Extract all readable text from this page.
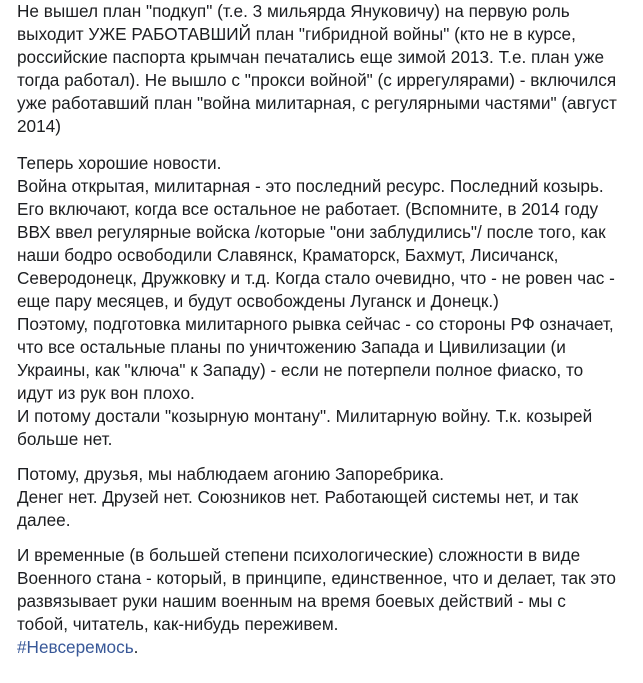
Не вышел план "подкуп" (т.е. 3 мильярда Януковичу) на первую роль
выходит УЖЕ РАБОТАВШИЙ план "гибридной войны" (кто не в курсе,
российские паспорта крымчан печатались еще зимой 2013. Т.е. план уже
тогда работал). Не вышло с "прокси войной" (с иррегулярами) - включился
уже работавший план "война милитарная, с регулярными частями" (август
2014)

Теперь хорошие новости.
Война открытая, милитарная - это последний ресурс. Последний козырь.
Его включают, когда все остальное не работает. (Вспомните, в 2014 году
ВВХ ввел регулярные войска /которые "они заблудились"/ после того, как
наши бодро освободили Славянск, Краматорск, Бахмут, Лисичанск,
Северодонецк, Дружковку и т.д. Когда стало очевидно, что - не ровен час -
еще пару месяцев, и будут освобождены Луганск и Донецк.)
Поэтому, подготовка милитарного рывка сейчас - со стороны РФ означает,
что все остальные планы по уничтожению Запада и Цивилизации (и
Украины, как "ключа" к Западу) - если не потерпели полное фиаско, то
идут из рук вон плохо.
И потому достали "козырную монтану". Милитарную войну. Т.к. козырей
больше нет.

Потому, друзья, мы наблюдаем агонию Запоребрика.
Денег нет. Друзей нет. Союзников нет. Работающей системы нет, и так
далее.

И временные (в большей степени психологические) сложности в виде
Военного стана - который, в принципе, единственное, что и делает, так это
развязывает руки нашим военным на время боевых действий - мы с
тобой, читатель, как-нибудь переживем.
#Невсеремось.
